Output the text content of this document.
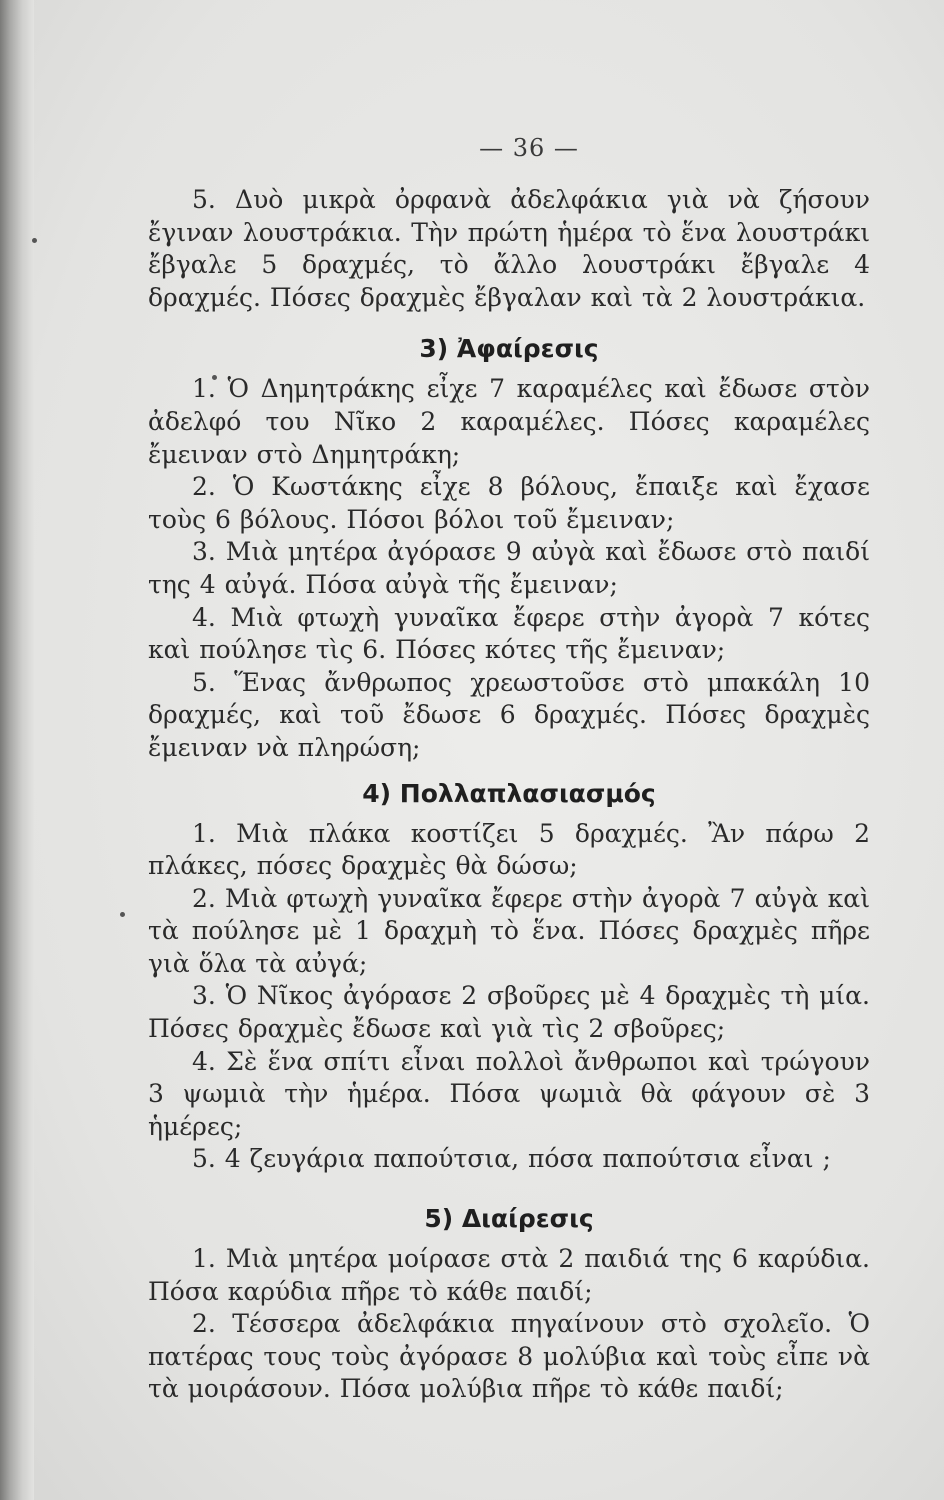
— 36 —

5. Δυὸ μικρὰ ὀρφανὰ ἀδελφάκια γιὰ νὰ ζήσουν ἔγιναν λουστράκια. Τὴν πρώτη ἡμέρα τὸ ἕνα λουστράκι ἔβγαλε 5 δραχμές, τὸ ἄλλο λουστράκι ἔβγαλε 4 δραχμές. Πόσες δραχμὲς ἔβγαλαν καὶ τὰ 2 λουστράκια.

3) Ἀφαίρεσις

1. Ὁ Δημητράκης εἶχε 7 καραμέλες καὶ ἔδωσε στὸν ἀδελφό του Νῖκο 2 καραμέλες. Πόσες καραμέλες ἔμειναν στὸ Δημητράκη;

2. Ὁ Κωστάκης εἶχε 8 βόλους, ἔπαιξε καὶ ἔχασε τοὺς 6 βόλους. Πόσοι βόλοι τοῦ ἔμειναν;

3. Μιὰ μητέρα ἀγόρασε 9 αὐγὰ καὶ ἔδωσε στὸ παιδί της 4 αὐγά. Πόσα αὐγὰ τῆς ἔμειναν;

4. Μιὰ φτωχὴ γυναῖκα ἔφερε στὴν ἀγορὰ 7 κότες καὶ πούλησε τὶς 6. Πόσες κότες τῆς ἔμειναν;

5. Ἕνας ἄνθρωπος χρεωστοῦσε στὸ μπακάλη 10 δραχμές, καὶ τοῦ ἔδωσε 6 δραχμές. Πόσες δραχμὲς ἔμειναν νὰ πληρώση;

4) Πολλαπλασιασμός

1. Μιὰ πλάκα κοστίζει 5 δραχμές. Ἂν πάρω 2 πλάκες, πόσες δραχμὲς θὰ δώσω;

2. Μιὰ φτωχὴ γυναῖκα ἔφερε στὴν ἀγορὰ 7 αὐγὰ καὶ τὰ πούλησε μὲ 1 δραχμὴ τὸ ἕνα. Πόσες δραχμὲς πῆρε γιὰ ὅλα τὰ αὐγά;

3. Ὁ Νῖκος ἀγόρασε 2 σβοῦρες μὲ 4 δραχμὲς τὴ μία. Πόσες δραχμὲς ἔδωσε καὶ γιὰ τὶς 2 σβοῦρες;

4. Σὲ ἕνα σπίτι εἶναι πολλοὶ ἄνθρωποι καὶ τρώγουν 3 ψωμιὰ τὴν ἡμέρα. Πόσα ψωμιὰ θὰ φάγουν σὲ 3 ἡμέρες;

5. 4 ζευγάρια παπούτσια, πόσα παπούτσια εἶναι ;

5) Διαίρεσις

1. Μιὰ μητέρα μοίρασε στὰ 2 παιδιά της 6 καρύδια. Πόσα καρύδια πῆρε τὸ κάθε παιδί;

2. Τέσσερα ἀδελφάκια πηγαίνουν στὸ σχολεῖο. Ὁ πατέρας τους τοὺς ἀγόρασε 8 μολύβια καὶ τοὺς εἶπε νὰ τὰ μοιράσουν. Πόσα μολύβια πῆρε τὸ κάθε παιδί;
